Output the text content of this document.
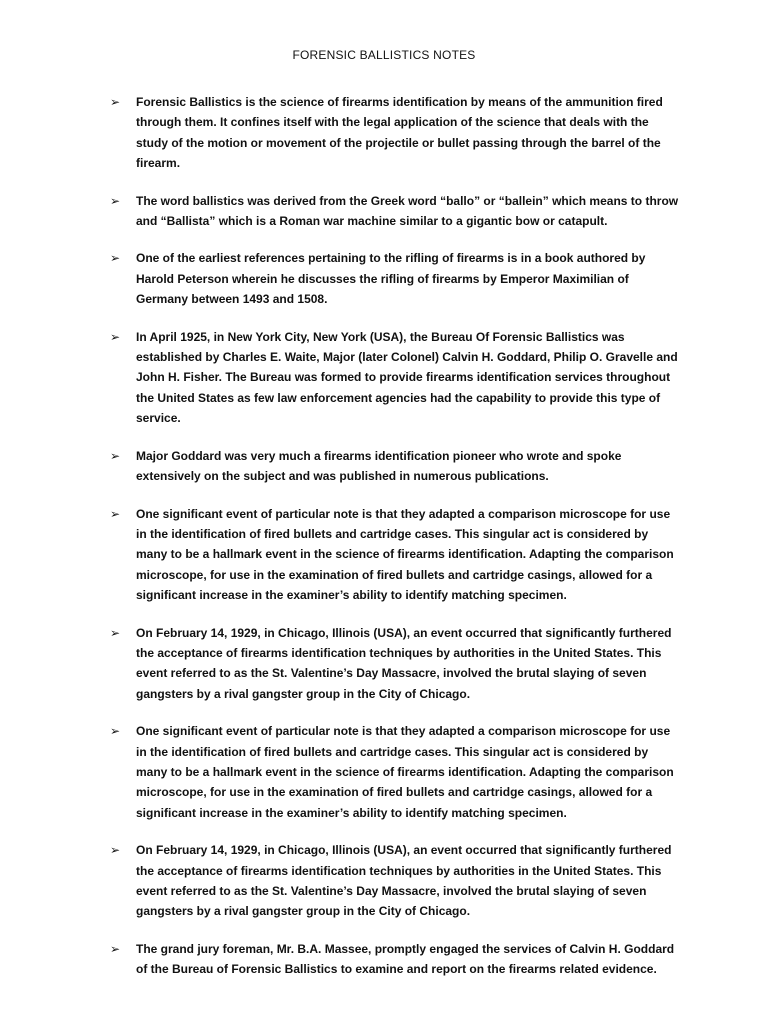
FORENSIC BALLISTICS NOTES
➢	Forensic Ballistics is the science of firearms identification by means of the ammunition fired through them. It confines itself with the legal application of the science that deals with the study of the motion or movement of the projectile or bullet passing through the barrel of the firearm.
➢	The word ballistics was derived from the Greek word “ballo” or “ballein” which means to throw and “Ballista” which is a Roman war machine similar to a gigantic bow or catapult.
➢	One of the earliest references pertaining to the rifling of firearms is in a book authored by Harold Peterson wherein he discusses the rifling of firearms by Emperor Maximilian of Germany between 1493 and 1508.
➢	In April 1925, in New York City, New York (USA), the Bureau Of Forensic Ballistics was established by Charles E. Waite, Major (later Colonel) Calvin H. Goddard, Philip O. Gravelle and John H. Fisher. The Bureau was formed to provide firearms identification services throughout the United States as few law enforcement agencies had the capability to provide this type of service.
➢	Major Goddard was very much a firearms identification pioneer who wrote and spoke extensively on the subject and was published in numerous publications.
➢	One significant event of particular note is that they adapted a comparison microscope for use in the identification of fired bullets and cartridge cases. This singular act is considered by many to be a hallmark event in the science of firearms identification. Adapting the comparison microscope, for use in the examination of fired bullets and cartridge casings, allowed for a significant increase in the examiner’s ability to identify matching specimen.
➢	On February 14, 1929, in Chicago, Illinois (USA), an event occurred that significantly furthered the acceptance of firearms identification techniques by authorities in the United States. This event referred to as the St. Valentine’s Day Massacre, involved the brutal slaying of seven gangsters by a rival gangster group in the City of Chicago.
➢	One significant event of particular note is that they adapted a comparison microscope for use in the identification of fired bullets and cartridge cases. This singular act is considered by many to be a hallmark event in the science of firearms identification. Adapting the comparison microscope, for use in the examination of fired bullets and cartridge casings, allowed for a significant increase in the examiner’s ability to identify matching specimen.
➢	On February 14, 1929, in Chicago, Illinois (USA), an event occurred that significantly furthered the acceptance of firearms identification techniques by authorities in the United States. This event referred to as the St. Valentine’s Day Massacre, involved the brutal slaying of seven gangsters by a rival gangster group in the City of Chicago.
➢	The grand jury foreman, Mr. B.A. Massee, promptly engaged the services of Calvin H. Goddard of the Bureau of Forensic Ballistics to examine and report on the firearms related evidence.
